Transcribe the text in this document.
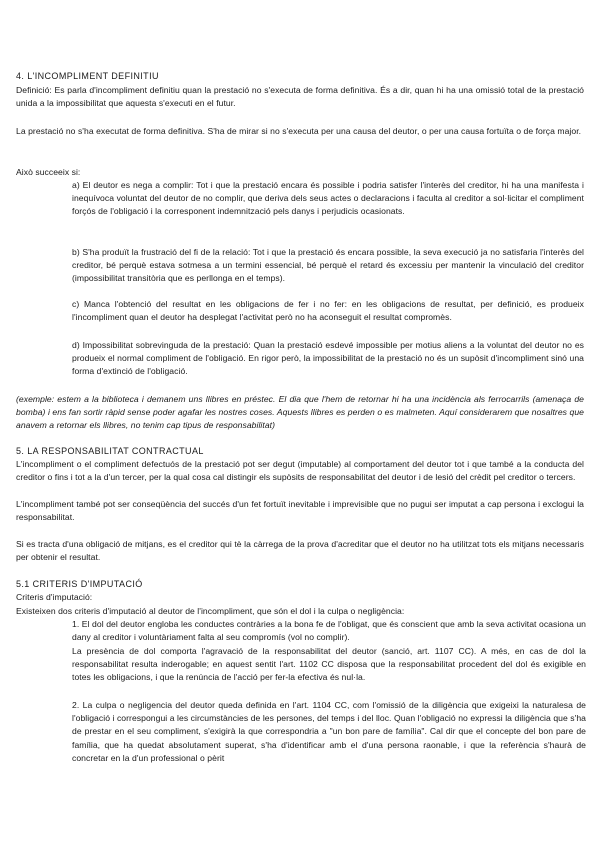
4. L'INCOMPLIMENT DEFINITIU

Definició: Es parla d'incompliment definitiu quan la prestació no s'executa de forma definitiva. És a dir, quan hi ha una omissió total de la prestació unida a la impossibilitat que aquesta s'executi en el futur.

La prestació no s'ha executat de forma definitiva. S'ha de mirar si no s'executa per una causa del deutor, o per una causa fortuïta o de força major.

Això succeeix si:

a) El deutor es nega a complir: Tot i que la prestació encara és possible i podria satisfer l'interès del creditor, hi ha una manifesta i inequívoca voluntat del deutor de no complir, que deriva dels seus actes o declaracions i faculta al creditor a sol·licitar el compliment forçós de l'obligació i la corresponent indemnització pels danys i perjudicis ocasionats.

b) S'ha produït la frustració del fi de la relació: Tot i que la prestació és encara possible, la seva execució ja no satisfaria l'interès del creditor, bé perquè estava sotmesa a un termini essencial, bé perquè el retard és excessiu per mantenir la vinculació del creditor (impossibilitat transitòria que es perllonga en el temps).

c) Manca l'obtenció del resultat en les obligacions de fer i no fer: en les obligacions de resultat, per definició, es produeix l'incompliment quan el deutor ha desplegat l'activitat però no ha aconseguit el resultat compromès.

d) Impossibilitat sobrevinguda de la prestació: Quan la prestació esdevé impossible per motius aliens a la voluntat del deutor no es produeix el normal compliment de l'obligació. En rigor però, la impossibilitat de la prestació no és un supòsit d'incompliment sinó una forma d'extinció de l'obligació.

(exemple: estem a la biblioteca i demanem uns llibres en préstec. El dia que l'hem de retornar hi ha una incidència als ferrocarrils (amenaça de bomba) i ens fan sortir ràpid sense poder agafar les nostres coses. Aquests llibres es perden o es malmeten. Aquí considerarem que nosaltres que anavem a retornar els llibres, no tenim cap tipus de responsabilitat)

5. LA RESPONSABILITAT CONTRACTUAL

L'incompliment o el compliment defectuós de la prestació pot ser degut (imputable) al comportament del deutor tot i que també a la conducta del creditor o fins i tot a la d'un tercer, per la qual cosa cal distingir els supòsits de responsabilitat del deutor i de lesió del crèdit pel creditor o tercers.

L'incompliment també pot ser conseqüència del succés d'un fet fortuït inevitable i imprevisible que no pugui ser imputat a cap persona i exclogui la responsabilitat.

Si es tracta d'una obligació de mitjans, es el creditor qui tè la càrrega de la prova d'acreditar que el deutor no ha utilitzat tots els mitjans necessaris per obtenir el resultat.

5.1 CRITERIS D'IMPUTACIÓ

Criteris d'imputació:

Existeixen dos criteris d'imputació al deutor de l'incompliment, que són el dol i la culpa o negligència:

1. El dol del deutor engloba les conductes contràries a la bona fe de l'obligat, que és conscient que amb la seva activitat ocasiona un dany al creditor i voluntàriament falta al seu compromís (vol no complir).

La presència de dol comporta l'agravació de la responsabilitat del deutor (sanció, art. 1107 CC). A més, en cas de dol la responsabilitat resulta inderogable; en aquest sentit l'art. 1102 CC disposa que la responsabilitat procedent del dol és exigible en totes les obligacions, i que la renúncia de l'acció per fer-la efectiva és nul·la.

2. La culpa o negligencia del deutor queda definida en l'art. 1104 CC, com l'omissió de la diligència que exigeixi la naturalesa de l'obligació i correspongui a les circumstàncies de les persones, del temps i del lloc. Quan l'obligació no expressi la diligència que s'ha de prestar en el seu compliment, s'exigirà la que correspondria a "un bon pare de família". Cal dir que el concepte del bon pare de família, que ha quedat absolutament superat, s'ha d'identificar amb el d'una persona raonable, i que la referència s'haurà de concretar en la d'un professional o pèrit
